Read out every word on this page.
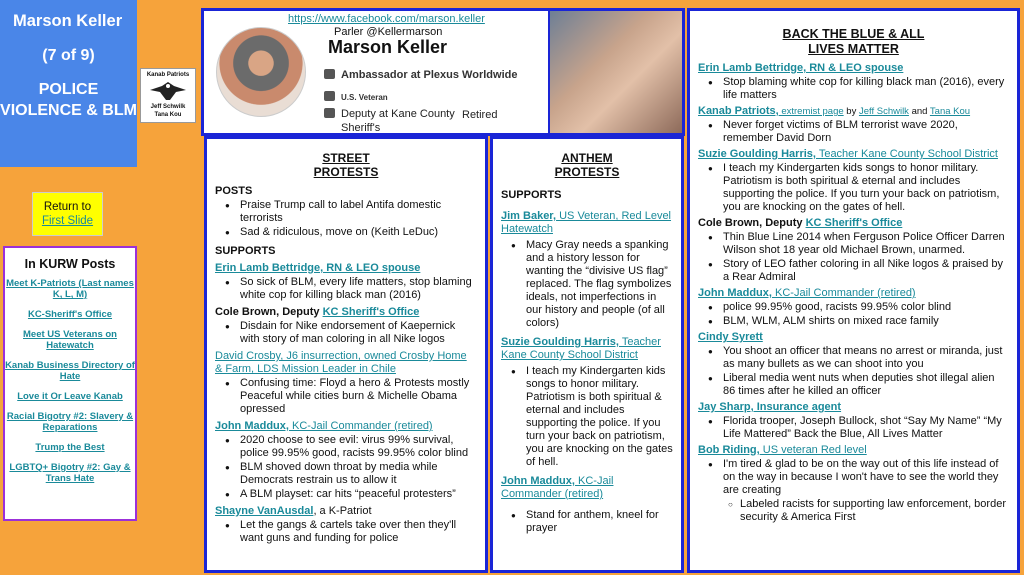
Marson Keller
(7 of 9)
POLICE VIOLENCE & BLM
Kanab Patriots
Jeff Schwilk
Tana Kou
Return to
First Slide
In KURW Posts
Meet K-Patriots (Last names K, L, M)
KC-Sheriff's Office
Meet US Veterans on Hatewatch
Kanab Business Directory of Hate
Love it Or Leave Kanab
Racial Bigotry #2: Slavery & Reparations
Trump the Best
LGBTQ+ Bigotry #2: Gay & Trans Hate
https://www.facebook.com/marson.keller
Parler @Kellermarson
Marson Keller
Ambassador at Plexus Worldwide
U.S. Veteran
Deputy at Kane County Sheriff's
Retired
STREET PROTESTS
POSTS
● Praise Trump call to label Antifa domestic terrorists
● Sad & ridiculous, move on (Keith LeDuc)
SUPPORTS
Erin Lamb Bettridge, RN & LEO spouse
● So sick of BLM, every life matters, stop blaming white cop for killing black man (2016)
Cole Brown, Deputy KC Sheriff's Office
● Disdain for Nike endorsement of Kaepernick with story of man coloring in all Nike logos
David Crosby, J6 insurrection, owned Crosby Home & Farm, LDS Mission Leader in Chile
● Confusing time: Floyd a hero & Protests mostly Peaceful while cities burn & Michelle Obama opressed
John Maddux, KC-Jail Commander (retired)
● 2020 choose to see evil: virus 99% survival, police 99.95% good, racists 99.95% color blind
● BLM shoved down throat by media while Democrats restrain us to allow it
● A BLM playset: car hits “peaceful protesters”
Shayne VanAusdal, a K-Patriot
● Let the gangs & cartels take over then they'll want guns and funding for police
ANTHEM PROTESTS
SUPPORTS
Jim Baker, US Veteran, Red Level Hatewatch
● Macy Gray needs a spanking and a history lesson for wanting the “divisive US flag” replaced. The flag symbolizes ideals, not imperfections in our history and people (of all colors)
Suzie Goulding Harris, Teacher Kane County School District
● I teach my Kindergarten kids songs to honor military. Patriotism is both spiritual & eternal and includes supporting the police. If you turn your back on patriotism, you are knocking on the gates of hell.
John Maddux, KC-Jail Commander (retired)
● Stand for anthem, kneel for prayer
BACK THE BLUE & ALL LIVES MATTER
Erin Lamb Bettridge, RN & LEO spouse
● Stop blaming white cop for killing black man (2016), every life matters
Kanab Patriots, extremist page by Jeff Schwilk and Tana Kou
● Never forget victims of BLM terrorist wave 2020, remember David Dorn
Suzie Goulding Harris, Teacher Kane County School District
● I teach my Kindergarten kids songs to honor military. Patriotism is both spiritual & eternal and includes supporting the police. If you turn your back on patriotism, you are knocking on the gates of hell.
Cole Brown, Deputy KC Sheriff's Office
● Thin Blue Line 2014 when Ferguson Police Officer Darren Wilson shot 18 year old Michael Brown, unarmed.
● Story of LEO father coloring in all Nike logos & praised by a Rear Admiral
John Maddux, KC-Jail Commander (retired)
● police 99.95% good, racists 99.95% color blind
● BLM, WLM, ALM shirts on mixed race family
Cindy Syrett
● You shoot an officer that means no arrest or miranda, just as many bullets as we can shoot into you
● Liberal media went nuts when deputies shot illegal alien 86 times after he killed an officer
Jay Sharp, Insurance agent
● Florida trooper, Joseph Bullock, shot “Say My Name” “My Life Mattered” Back the Blue, All Lives Matter
Bob Riding, US veteran Red level
● I'm tired & glad to be on the way out of this life instead of on the way in because I won't have to see the world they are creating
○ Labeled racists for supporting law enforcement, border security & America First
